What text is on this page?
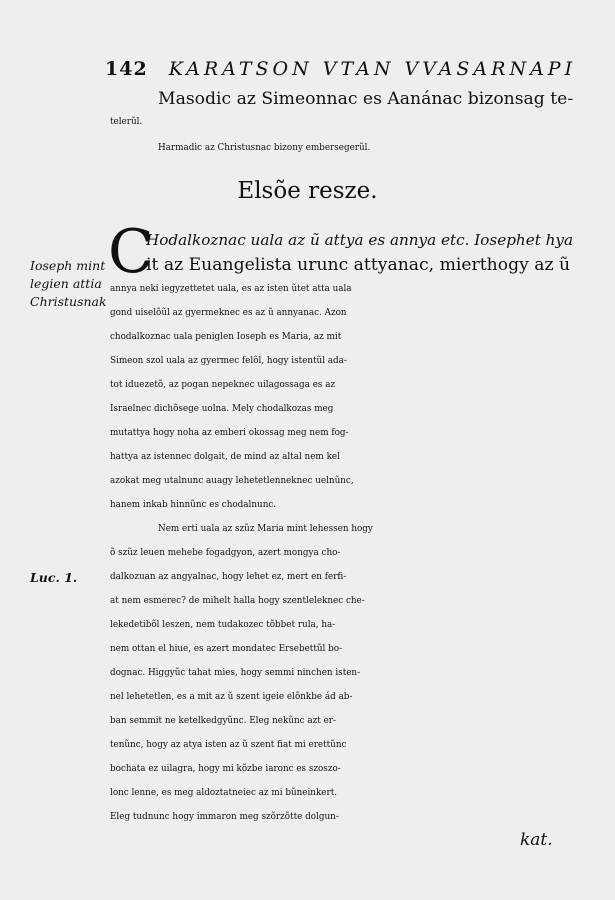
142 KARATSON VTAN VVASARNAPI
Masodic az Simeonnac es Aanánac bizonsag te-
telerũl.
Harmadic az Christusnac bizony embersegerũl.
Elsõe resze.
C
Ioseph mint
legien attia
Christusnak
Luc. 1.
Hodalkoznac uala az ũ attya es annya etc. Iosephet hya
it az Euangelista urunc attyanac, mierthogy az ũ
annya neki iegyzettetet uala, es az isten ũtet atta uala
gond uiselõũl az gyermeknec es az ũ annyanac. Azon
chodalkoznac uala peniglen Ioseph es Maria, az mit
Simeon szol uala az gyermec felõl, hogy istentũl ada-
tot iduezetõ, az pogan nepeknec uilagossaga es az
Israelnec dichõsege uolna. Mely chodalkozas meg
mutattya hogy noha az emberi okossag meg nem fog-
hattya az istennec dolgait, de mind az altal nem kel
azokat meg utalnunc auagy lehetetlenneknec uelnũnc,
hanem inkab hinnũnc es chodalnunc.
Nem erti uala az szũz Maria mint lehessen hogy
õ szũz leuen mehebe fogadgyon, azert mongya cho-
dalkozuan az angyalnac, hogy lehet ez, mert en ferfi-
at nem esmerec? de mihelt halla hogy szentleleknec che-
lekedetibõl leszen, nem tudakozec tõbbet rula, ha-
nem ottan el hiue, es azert mondatec Ersebettũl bo-
dognac. Higgyũc tahat mies, hogy semmi ninchen isten-
nel lehetetlen, es a mit az ũ szent igeie elõnkbe ád ab-
ban semmit ne ketelkedgyũnc. Eleg nekũnc azt er-
tenũnc, hogy az atya isten az ũ szent fiat mi erettũnc
bochata ez uilagra, hogy mi kõzbe iaronc es szoszo-
lonc lenne, es meg aldoztatneiec az mi bũneinkert.
Eleg tudnunc hogy immaron meg szõrzõtte dolgun-
kat.
